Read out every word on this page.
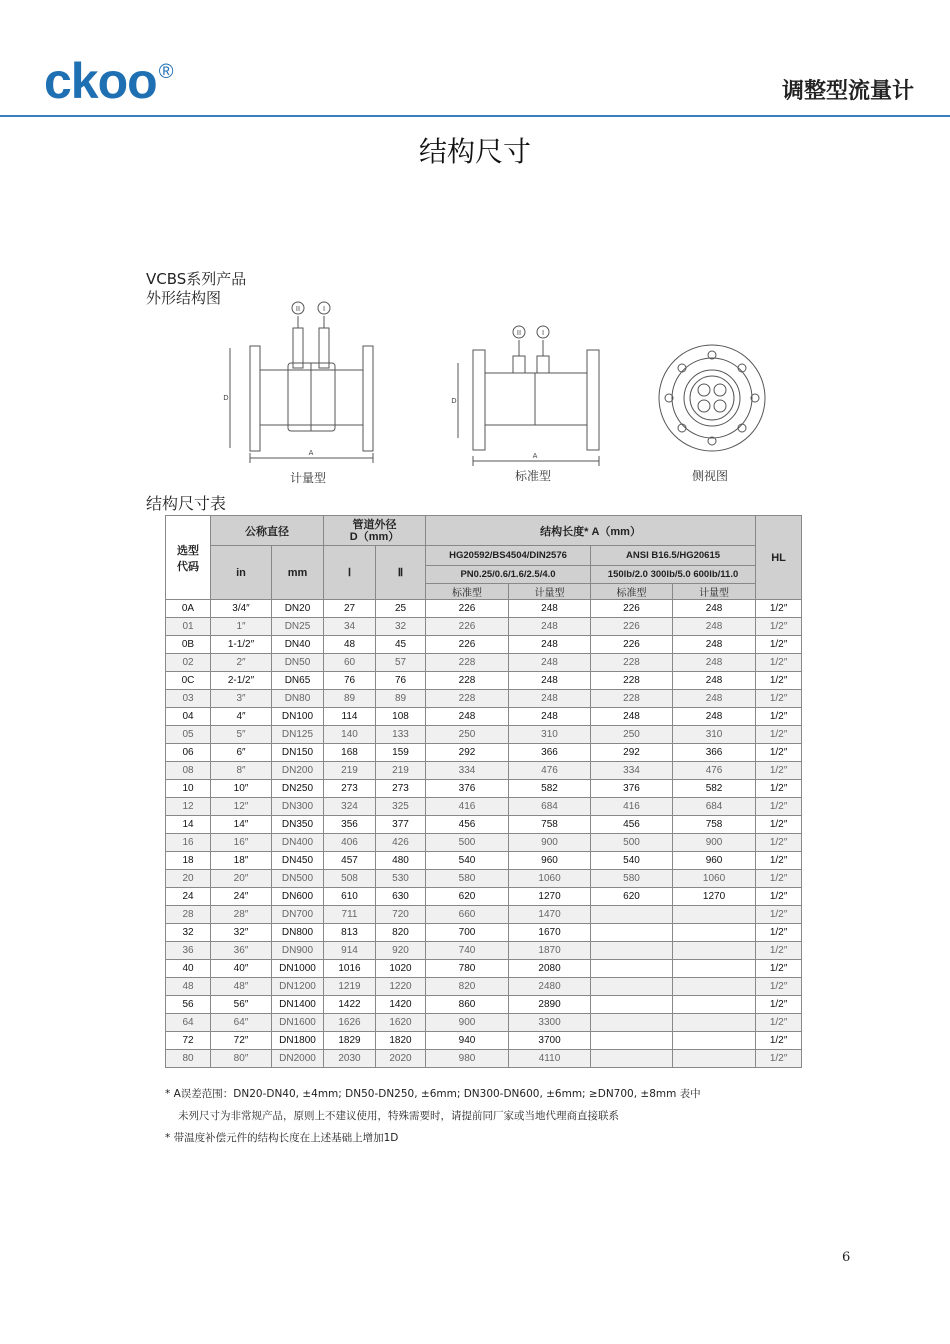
ckoo ®
调整型流量计
结构尺寸
VCBS系列产品
外形结构图
II	I
II	I
A	A
D	D
计量型	标准型	侧视图
结构尺寸表
选型
代码	公称直径		管道外径
D（mm）		结构长度* A（mm）				HL
	in	mm	Ⅰ	Ⅱ	HG20592/BS4504/DIN2576		ANSI B16.5/HG20615		
					PN0.25/0.6/1.6/2.5/4.0		150lb/2.0 300lb/5.0 600lb/11.0		
					标准型	计量型	标准型	计量型	
0A	3/4″	DN20	27	25	226	248	226	248	1/2″
01	1″	DN25	34	32	226	248	226	248	1/2″
0B	1-1/2″	DN40	48	45	226	248	226	248	1/2″
02	2″	DN50	60	57	228	248	228	248	1/2″
0C	2-1/2″	DN65	76	76	228	248	228	248	1/2″
03	3″	DN80	89	89	228	248	228	248	1/2″
04	4″	DN100	114	108	248	248	248	248	1/2″
05	5″	DN125	140	133	250	310	250	310	1/2″
06	6″	DN150	168	159	292	366	292	366	1/2″
08	8″	DN200	219	219	334	476	334	476	1/2″
10	10″	DN250	273	273	376	582	376	582	1/2″
12	12″	DN300	324	325	416	684	416	684	1/2″
14	14″	DN350	356	377	456	758	456	758	1/2″
16	16″	DN400	406	426	500	900	500	900	1/2″
18	18″	DN450	457	480	540	960	540	960	1/2″
20	20″	DN500	508	530	580	1060	580	1060	1/2″
24	24″	DN600	610	630	620	1270	620	1270	1/2″
28	28″	DN700	711	720	660	1470			1/2″
32	32″	DN800	813	820	700	1670			1/2″
36	36″	DN900	914	920	740	1870			1/2″
40	40″	DN1000	1016	1020	780	2080			1/2″
48	48″	DN1200	1219	1220	820	2480			1/2″
56	56″	DN1400	1422	1420	860	2890			1/2″
64	64″	DN1600	1626	1620	900	3300			1/2″
72	72″	DN1800	1829	1820	940	3700			1/2″
80	80″	DN2000	2030	2020	980	4110			1/2″
* A误差范围：DN20-DN40, ±4mm; DN50-DN250, ±6mm; DN300-DN600, ±6mm; ≥DN700, ±8mm 表中
未列尺寸为非常规产品，原则上不建议使用，特殊需要时，请提前同厂家或当地代理商直接联系
* 带温度补偿元件的结构长度在上述基础上增加1D
6
